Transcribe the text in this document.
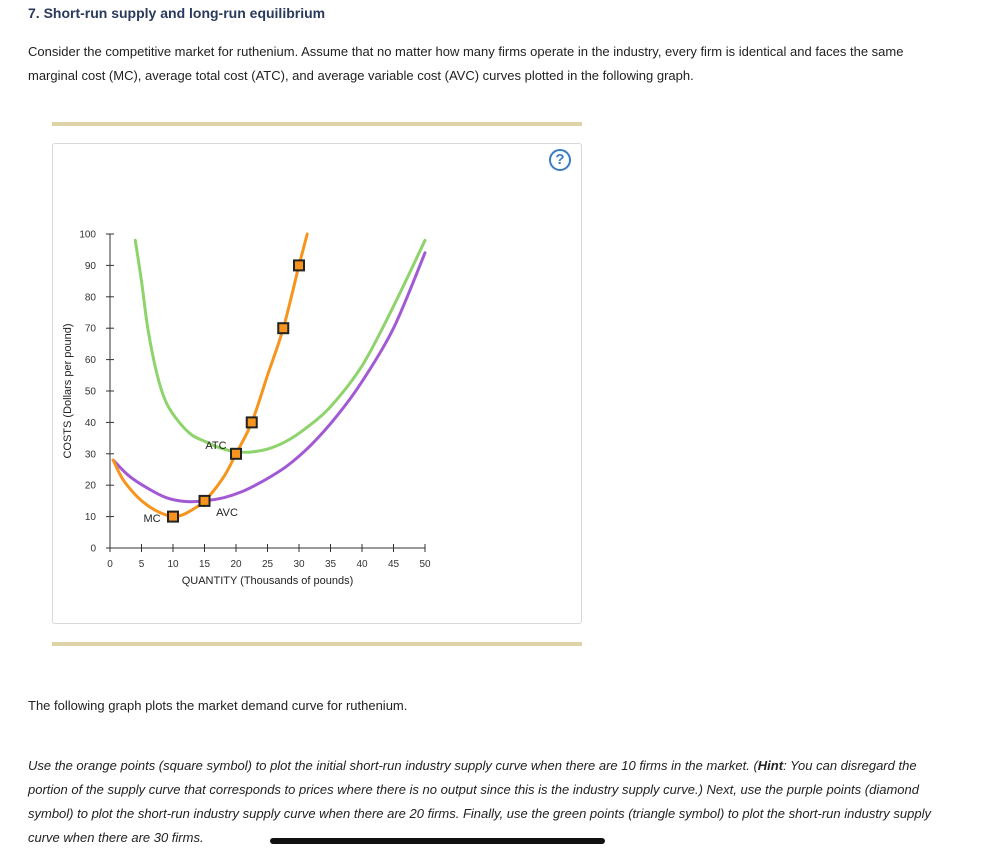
7. Short-run supply and long-run equilibrium

Consider the competitive market for ruthenium. Assume that no matter how many firms operate in the industry, every firm is identical and faces the same marginal cost (MC), average total cost (ATC), and average variable cost (AVC) curves plotted in the following graph.

?
0	5 10 15 20 25 30 35 40 45 50
0
10
20
30
40
50
60
70
80
90
100
QUANTITY (Thousands of pounds)
COSTS (Dollars per pound)
MC
ATC
AVC

The following graph plots the market demand curve for ruthenium.

Use the orange points (square symbol) to plot the initial short-run industry supply curve when there are 10 firms in the market. (Hint: You can disregard the portion of the supply curve that corresponds to prices where there is no output since this is the industry supply curve.) Next, use the purple points (diamond symbol) to plot the short-run industry supply curve when there are 20 firms. Finally, use the green points (triangle symbol) to plot the short-run industry supply curve when there are 30 firms.
